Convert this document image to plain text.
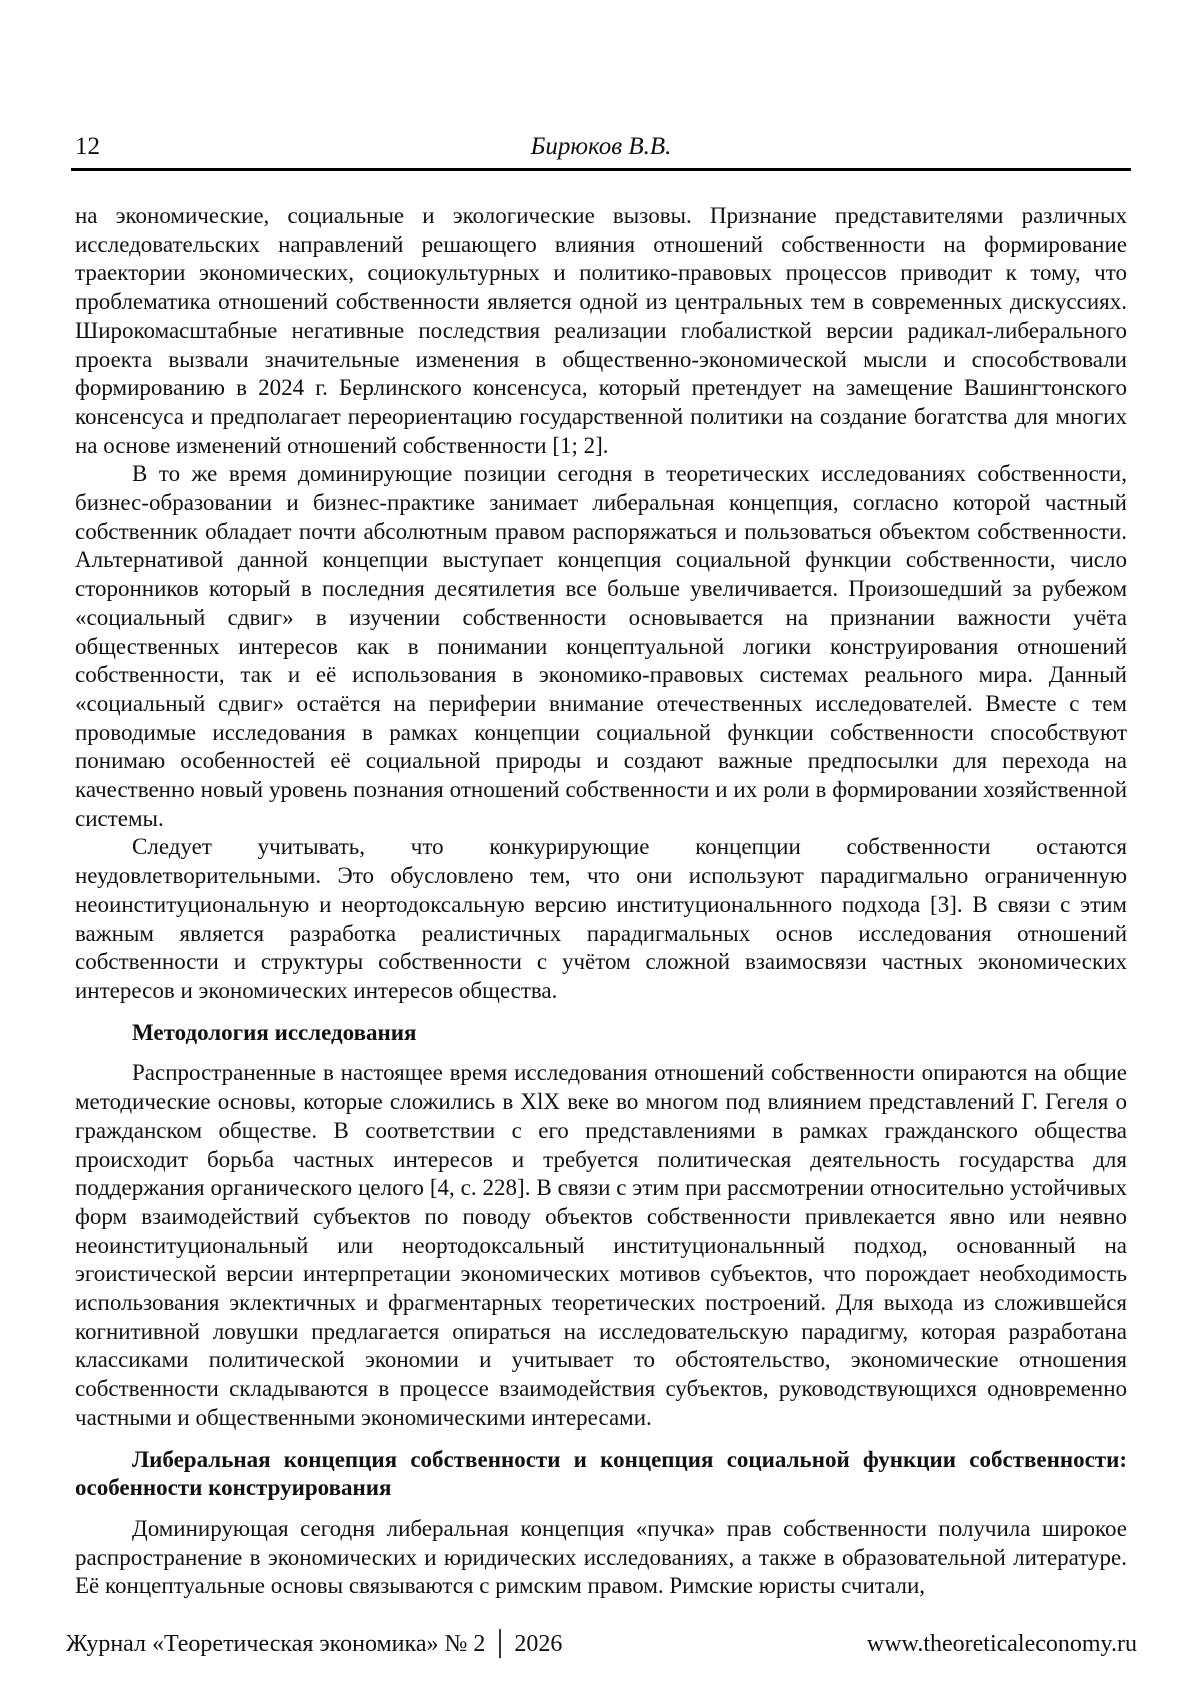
12	Бирюков В.В.

на экономические, социальные и экологические вызовы. Признание представителями различных исследовательских направлений решающего влияния отношений собственности на формирование траектории экономических, социокультурных и политико-правовых процессов приводит к тому, что проблематика отношений собственности является одной из центральных тем в современных дискуссиях. Широкомасштабные негативные последствия реализации глобалисткой версии радикал-либерального проекта вызвали значительные изменения в общественно-экономической мысли и способствовали формированию в 2024 г. Берлинского консенсуса, который претендует на замещение Вашингтонского консенсуса и предполагает переориентацию государственной политики на создание богатства для многих на основе изменений отношений собственности [1; 2].

В то же время доминирующие позиции сегодня в теоретических исследованиях собственности, бизнес-образовании и бизнес-практике занимает либеральная концепция, согласно которой частный собственник обладает почти абсолютным правом распоряжаться и пользоваться объектом собственности. Альтернативой данной концепции выступает концепция социальной функции собственности, число сторонников который в последния десятилетия все больше увеличивается. Произошедший за рубежом «социальный сдвиг» в изучении собственности основывается на признании важности учёта общественных интересов как в понимании концептуальной логики конструирования отношений собственности, так и её использования в экономико-правовых системах реального мира. Данный «социальный сдвиг» остаётся на периферии внимание отечественных исследователей. Вместе с тем проводимые исследования в рамках концепции социальной функции собственности способствуют понимаю особенностей её социальной природы и создают важные предпосылки для перехода на качественно новый уровень познания отношений собственности и их роли в формировании хозяйственной системы.

Следует учитывать, что конкурирующие концепции собственности остаются неудовлетворительными. Это обусловлено тем, что они используют парадигмально ограниченную неоинституциональную и неортодоксальную версию институциональнного подхода [3]. В связи с этим важным является разработка реалистичных парадигмальных основ исследования отношений собственности и структуры собственности с учётом сложной взаимосвязи частных экономических интересов и экономических интересов общества.

Методология исследования

Распространенные в настоящее время исследования отношений собственности опираются на общие методические основы, которые сложились в XlX веке во многом под влиянием представлений Г. Гегеля о гражданском обществе. В соответствии с его представлениями в рамках гражданского общества происходит борьба частных интересов и требуется политическая деятельность государства для поддержания органического целого [4, с. 228]. В связи с этим при рассмотрении относительно устойчивых форм взаимодействий субъектов по поводу объектов собственности привлекается явно или неявно неоинституциональный или неортодоксальный институциональнный подход, основанный на эгоистической версии интерпретации экономических мотивов субъектов, что порождает необходимость использования эклектичных и фрагментарных теоретических построений. Для выхода из сложившейся когнитивной ловушки предлагается опираться на исследовательскую парадигму, которая разработана классиками политической экономии и учитывает то обстоятельство, экономические отношения собственности складываются в процессе взаимодействия субъектов, руководствующихся одновременно частными и общественными экономическими интересами.

Либеральная концепция собственности и концепция социальной функции собственности: особенности конструирования

Доминирующая сегодня либеральная концепция «пучка» прав собственности получила широкое распространение в экономических и юридических исследованиях, а также в образовательной литературе. Её концептуальные основы связываются с римским правом. Римские юристы считали,

Журнал «Теоретическая экономика» № 2 │ 2026	www.theoreticaleconomy.ru
